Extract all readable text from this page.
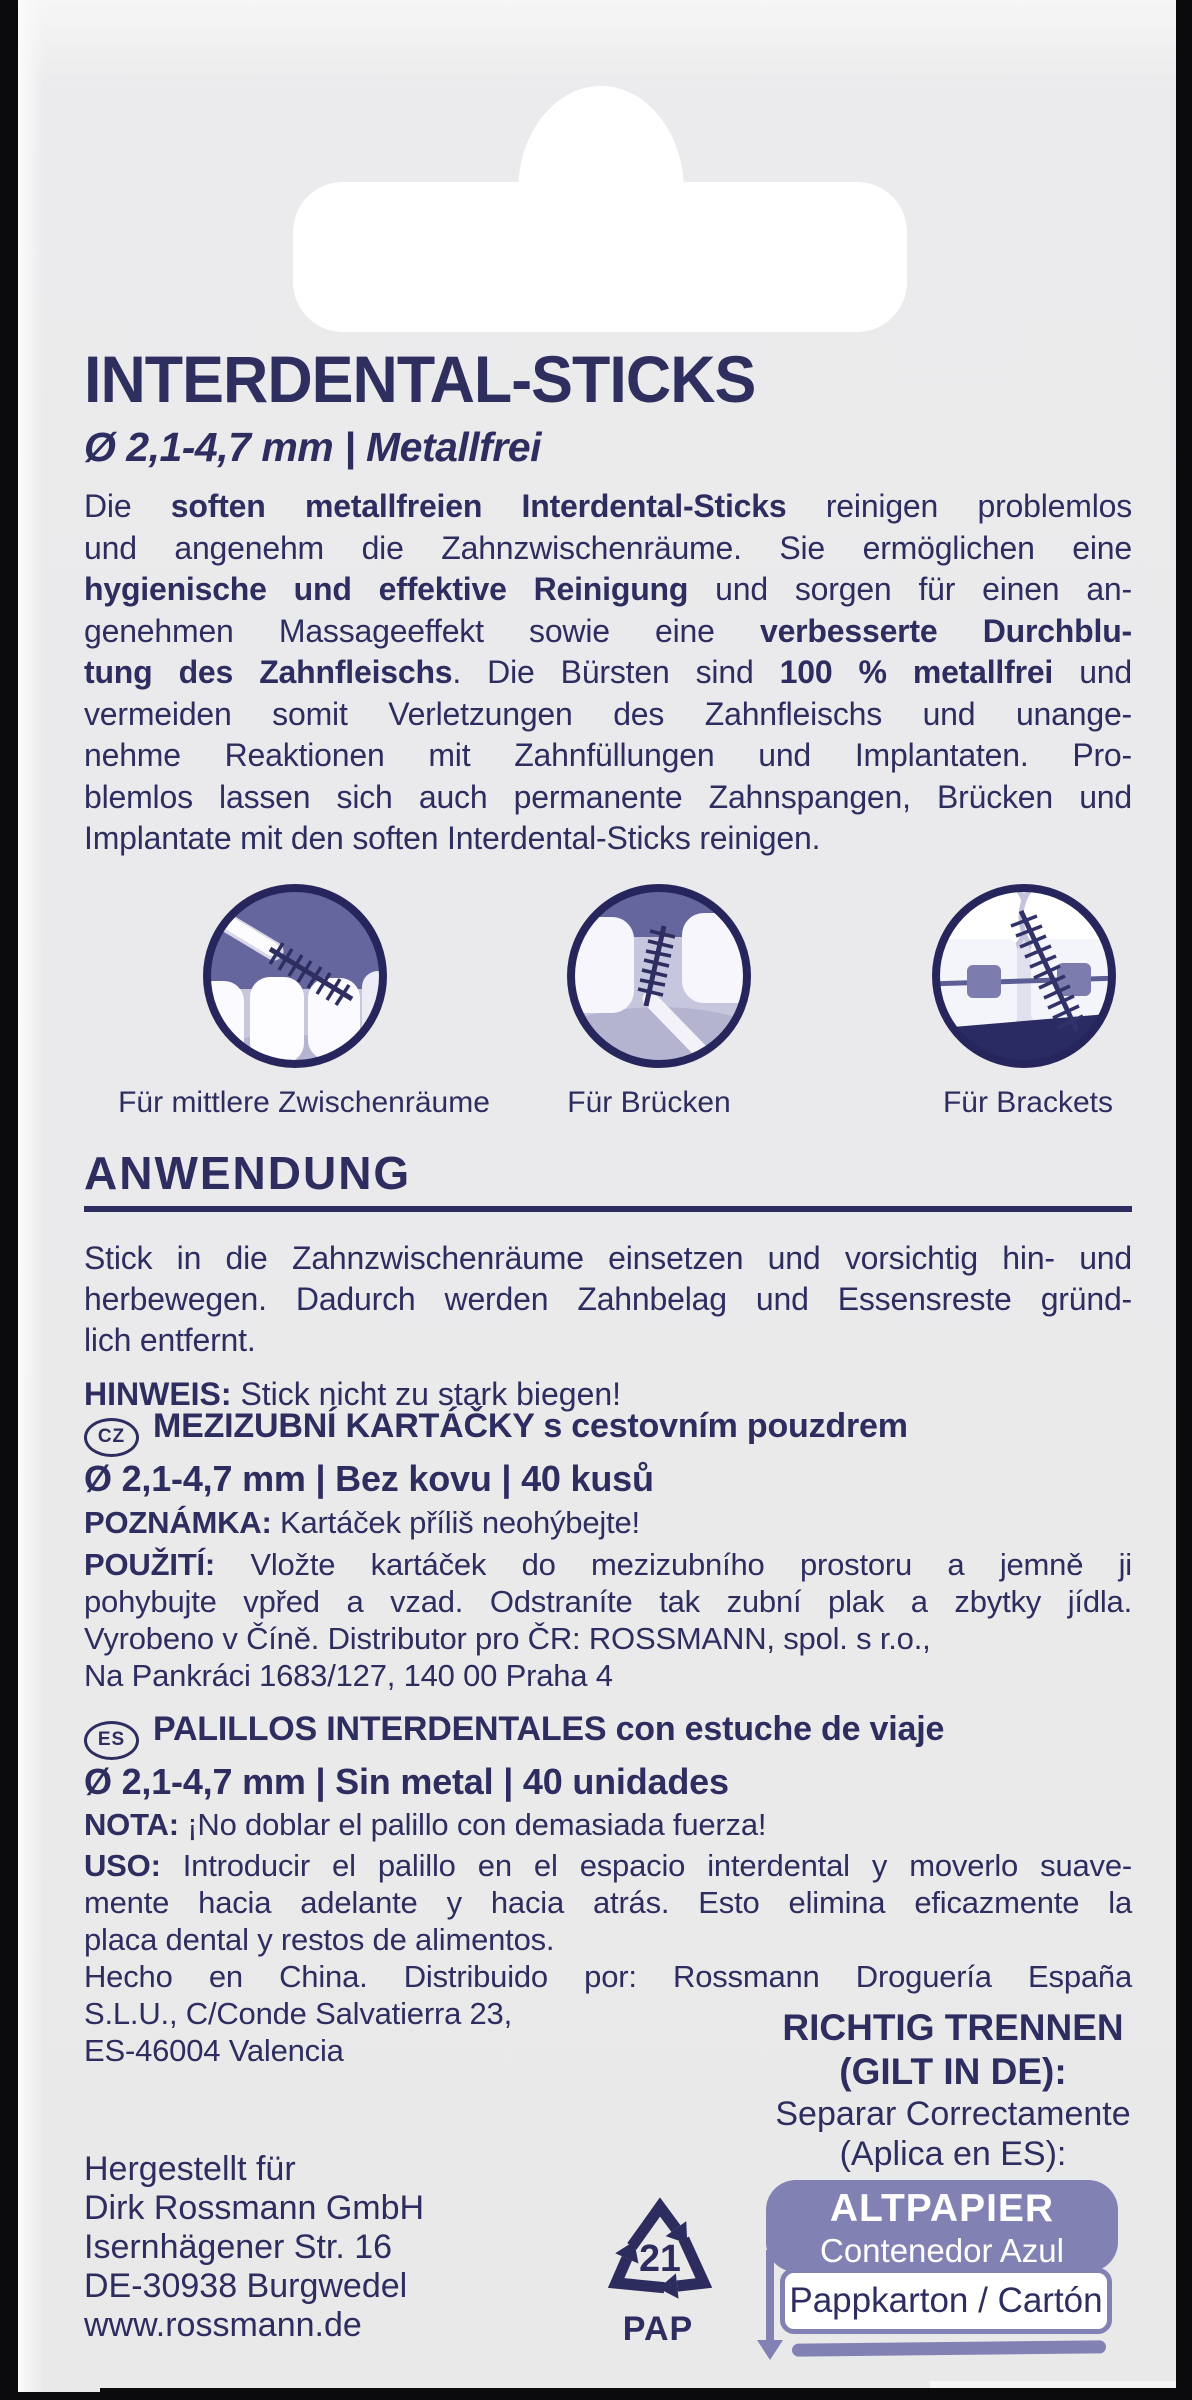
INTERDENTAL-STICKS
Ø 2,1-4,7 mm | Metallfrei
Die soften metallfreien Interdental-Sticks reinigen problemlos
und angenehm die Zahnzwischenräume. Sie ermöglichen eine
hygienische und effektive Reinigung und sorgen für einen an-
genehmen Massageeffekt sowie eine verbesserte Durchblu-
tung des Zahnfleischs. Die Bürsten sind 100 % metallfrei und
vermeiden somit Verletzungen des Zahnfleischs und unange-
nehme Reaktionen mit Zahnfüllungen und Implantaten. Pro-
blemlos lassen sich auch permanente Zahnspangen, Brücken und
Implantate mit den soften Interdental-Sticks reinigen.
Für mittlere Zwischenräume	Für Brücken	Für Brackets
ANWENDUNG
Stick in die Zahnzwischenräume einsetzen und vorsichtig hin- und
herbewegen. Dadurch werden Zahnbelag und Essensreste gründ-
lich entfernt.
HINWEIS: Stick nicht zu stark biegen!
CZ MEZIZUBNÍ KARTÁČKY s cestovním pouzdrem
Ø 2,1-4,7 mm | Bez kovu | 40 kusů
POZNÁMKA: Kartáček příliš neohýbejte!
POUŽITÍ: Vložte kartáček do mezizubního prostoru a jemně ji
pohybujte vpřed a vzad. Odstraníte tak zubní plak a zbytky jídla.
Vyrobeno v Číně. Distributor pro ČR: ROSSMANN, spol. s r.o.,
Na Pankráci 1683/127, 140 00 Praha 4
ES PALILLOS INTERDENTALES con estuche de viaje
Ø 2,1-4,7 mm | Sin metal | 40 unidades
NOTA: ¡No doblar el palillo con demasiada fuerza!
USO: Introducir el palillo en el espacio interdental y moverlo suave-
mente hacia adelante y hacia atrás. Esto elimina eficazmente la
placa dental y restos de alimentos.
Hecho en China. Distribuido por: Rossmann Droguería España
S.L.U., C/Conde Salvatierra 23,
ES-46004 Valencia
RICHTIG TRENNEN
(GILT IN DE):
Separar Correctamente
(Aplica en ES):
Hergestellt für
Dirk Rossmann GmbH
Isernhägener Str. 16
DE-30938 Burgwedel
www.rossmann.de
21
PAP
ALTPAPIER
Contenedor Azul
Pappkarton / Cartón
